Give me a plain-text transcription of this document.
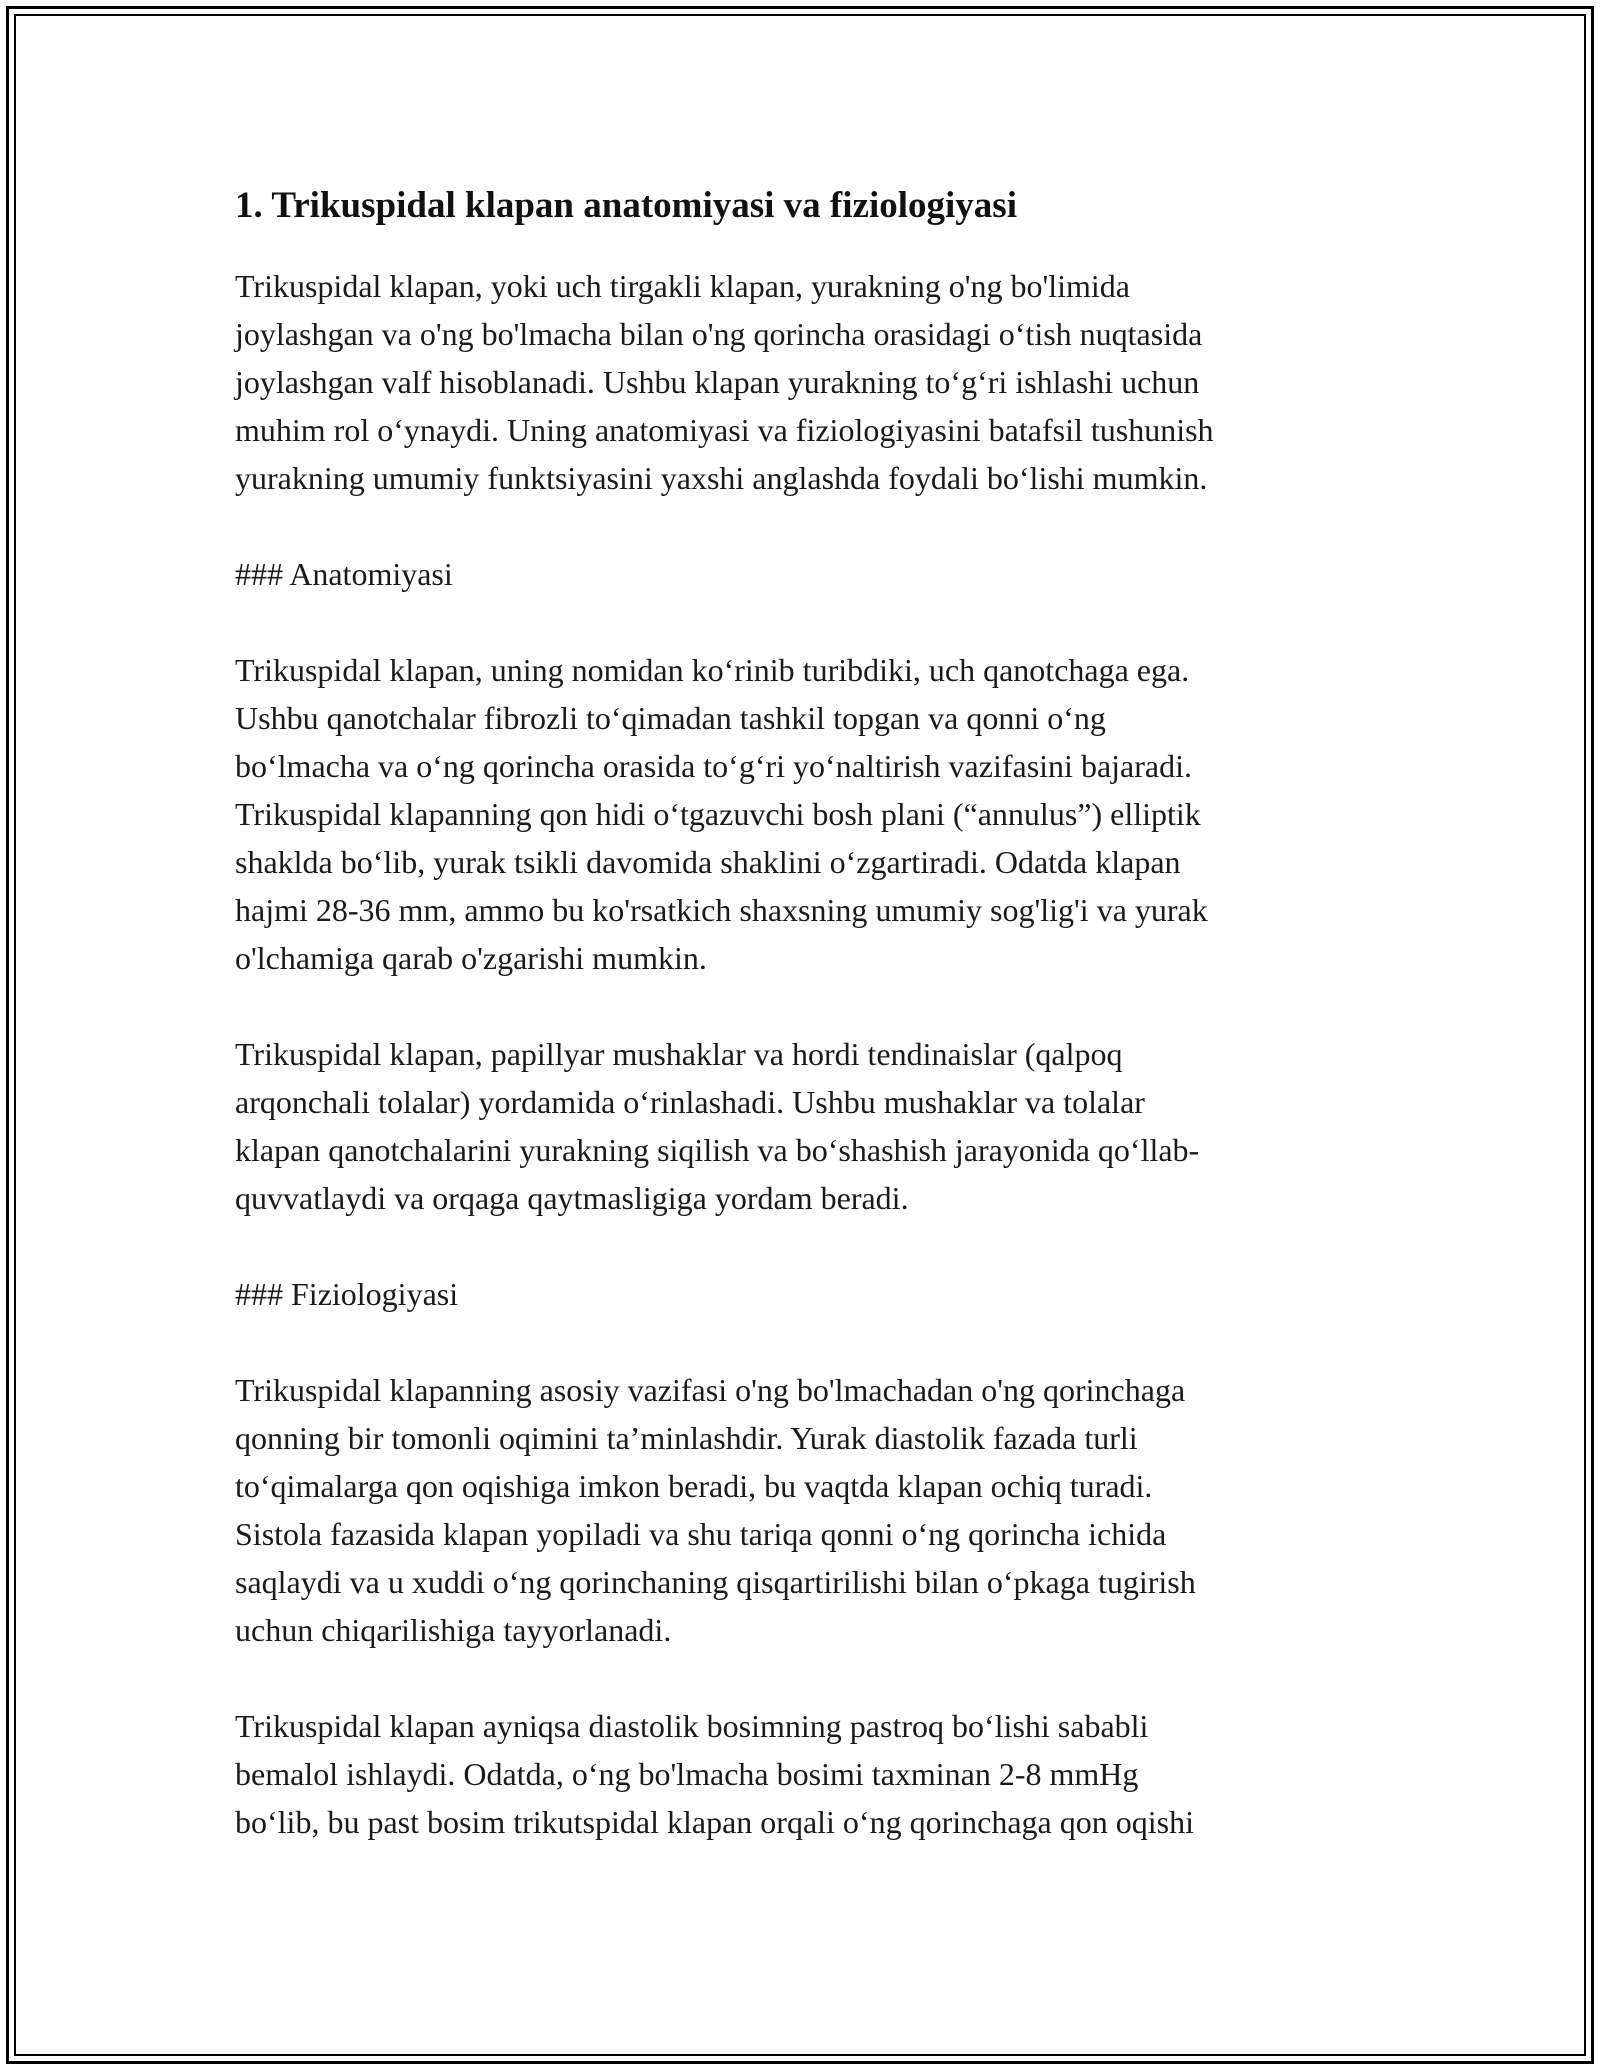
1. Trikuspidal klapan anatomiyasi va fiziologiyasi

Trikuspidal klapan, yoki uch tirgakli klapan, yurakning o'ng bo'limida
joylashgan va o'ng bo'lmacha bilan o'ng qorincha orasidagi oʻtish nuqtasida
joylashgan valf hisoblanadi. Ushbu klapan yurakning toʻgʻri ishlashi uchun
muhim rol oʻynaydi. Uning anatomiyasi va fiziologiyasini batafsil tushunish
yurakning umumiy funktsiyasini yaxshi anglashda foydali boʻlishi mumkin.

### Anatomiyasi

Trikuspidal klapan, uning nomidan koʻrinib turibdiki, uch qanotchaga ega.
Ushbu qanotchalar fibrozli toʻqimadan tashkil topgan va qonni oʻng
boʻlmacha va oʻng qorincha orasida toʻgʻri yoʻnaltirish vazifasini bajaradi.
Trikuspidal klapanning qon hidi oʻtgazuvchi bosh plani (“annulus”) elliptik
shaklda boʻlib, yurak tsikli davomida shaklini oʻzgartiradi. Odatda klapan
hajmi 28-36 mm, ammo bu ko'rsatkich shaxsning umumiy sog'lig'i va yurak
o'lchamiga qarab o'zgarishi mumkin.

Trikuspidal klapan, papillyar mushaklar va hordi tendinaislar (qalpoq
arqonchali tolalar) yordamida oʻrinlashadi. Ushbu mushaklar va tolalar
klapan qanotchalarini yurakning siqilish va boʻshashish jarayonida qoʻllab-
quvvatlaydi va orqaga qaytmasligiga yordam beradi.

### Fiziologiyasi

Trikuspidal klapanning asosiy vazifasi o'ng bo'lmachadan o'ng qorinchaga
qonning bir tomonli oqimini taʼminlashdir. Yurak diastolik fazada turli
toʻqimalarga qon oqishiga imkon beradi, bu vaqtda klapan ochiq turadi.
Sistola fazasida klapan yopiladi va shu tariqa qonni oʻng qorincha ichida
saqlaydi va u xuddi oʻng qorinchaning qisqartirilishi bilan oʻpkaga tugirish
uchun chiqarilishiga tayyorlanadi.

Trikuspidal klapan ayniqsa diastolik bosimning pastroq boʻlishi sababli
bemalol ishlaydi. Odatda, oʻng bo'lmacha bosimi taxminan 2-8 mmHg
boʻlib, bu past bosim trikutspidal klapan orqali oʻng qorinchaga qon oqishi
